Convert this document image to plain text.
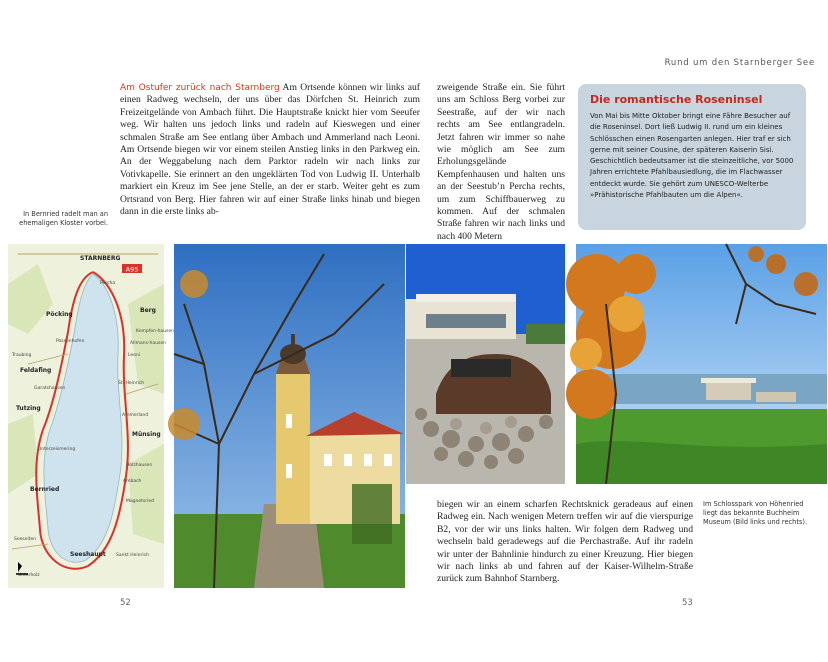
Rund um den Starnberger See
Am Ostufer zurück nach Starnberg Am Ortsende können wir links auf einen Radweg wechseln, der uns über das Dörfchen St. Heinrich zum Freizeitgelände von Ambach führt. Die Hauptstraße knickt hier vom Seeufer weg. Wir halten uns jedoch links und radeln auf Kieswegen und einer schmalen Straße am See entlang über Ambach und Ammerland nach Leoni. Am Ortsende biegen wir vor einem steilen Anstieg links in den Parkweg ein. An der Weggabelung nach dem Parktor radeln wir nach links zur Votivkapelle. Sie erinnert an den ungeklärten Tod von Ludwig II. Unterhalb markiert ein Kreuz im See jene Stelle, an der er starb. Weiter geht es zum Ortsrand von Berg. Hier fahren wir auf einer Straße links hinab und biegen dann in die erste links ab-
In Bernried radelt man an ehemaligen Kloster vorbei.
zweigende Straße ein. Sie führt uns am Schloss Berg vorbei zur Seestraße, auf der wir nach rechts am See entlangradeln. Jetzt fahren wir immer so nahe wie möglich am See zum Erholungsgelände Kempfenhausen und halten uns an der Seestub’n Percha rechts, um zum Schiffbauerweg zu kommen. Auf der schmalen Straße fahren wir nach links und nach 400 Metern
Die romantische Roseninsel
Von Mai bis Mitte Oktober bringt eine Fähre Besucher auf die Roseninsel. Dort ließ Ludwig II. rund um ein kleines Schlösschen einen Rosengarten anlegen. Hier traf er sich gerne mit seiner Cousine, der späteren Kaiserin Sisi. Geschichtlich bedeutsamer ist die steinzeitliche, vor 5000 Jahren errichtete Pfahlbausiedlung, die im Flachwasser entdeckt wurde. Sie gehört zum UNESCO-Welterbe »Prähistorische Pfahlbauten um die Alpen«.
A95
STARNBERG
Berg
Pöcking
Feldafing
Tutzing
Münsing
Bernried
Seeshaupt
Unterzeismering
Ambach
Ammerland
Kempfen-hausen
Percha
Leoni
Traubing
Possenhofen
Garatshausen
Holzhausen
St. Heinrich
Unterholz
Sankt Heinrich
Magnetsried
Seeseiten
Allmans-hausen
biegen wir an einem scharfen Rechtsknick geradeaus auf einen Radweg ein. Nach wenigen Metern treffen wir auf die vierspurige B2, vor der wir uns links halten. Wir folgen dem Radweg und wechseln bald geradewegs auf die Perchastraße. Auf ihr radeln wir unter der Bahnlinie hindurch zu einer Kreuzung. Hier biegen wir nach links ab und fahren auf der Kaiser-Wilhelm-Straße zurück zum Bahnhof Starnberg.
Im Schlosspark von Höhenried liegt das bekannte Buchheim Museum (Bild links und rechts).
52	53
